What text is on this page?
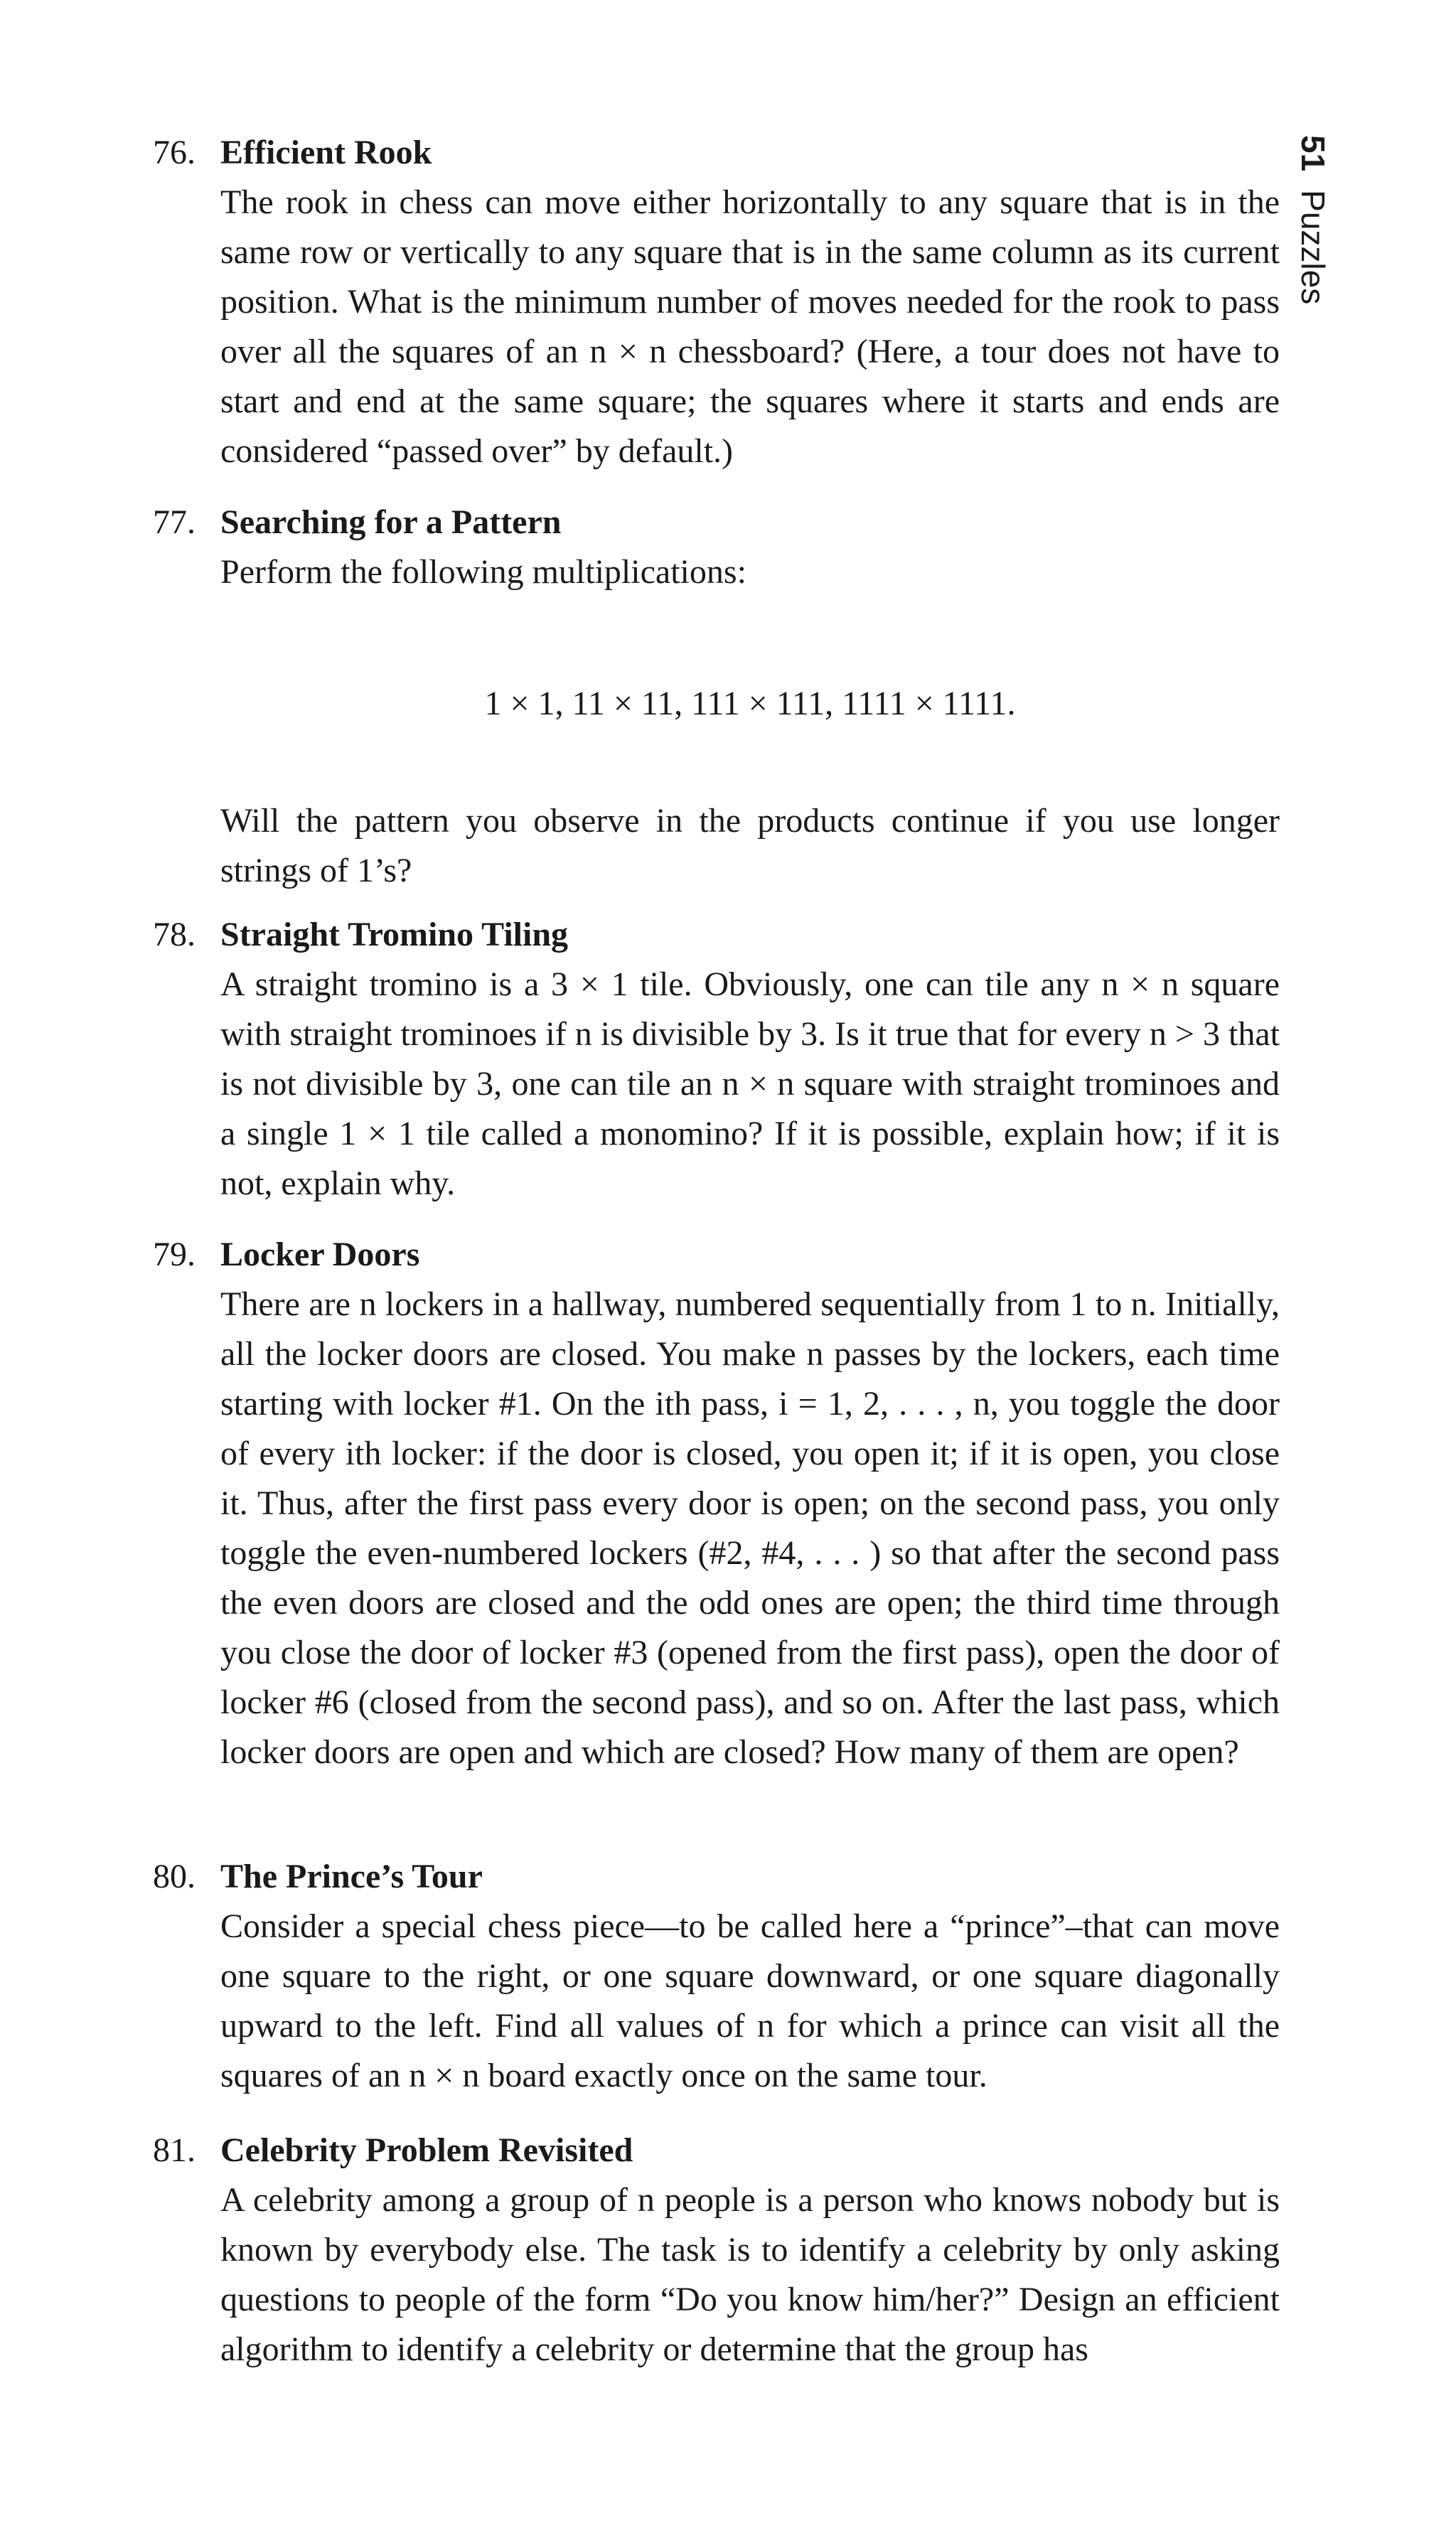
51Puzzles
76. Efficient Rook

The rook in chess can move either horizontally to any square that is in the same row or vertically to any square that is in the same column as its current position. What is the minimum number of moves needed for the rook to pass over all the squares of an n × n chessboard? (Here, a tour does not have to start and end at the same square; the squares where it starts and ends are considered “passed over” by default.)

77. Searching for a Pattern

Perform the following multiplications:

1 × 1, 11 × 11, 111 × 111, 1111 × 1111.
Will the pattern you observe in the products continue if you use longer strings of 1’s?
78. Straight Tromino Tiling

A straight tromino is a 3 × 1 tile. Obviously, one can tile any n × n square with straight trominoes if n is divisible by 3. Is it true that for every n > 3 that is not divisible by 3, one can tile an n × n square with straight trominoes and a single 1 × 1 tile called a monomino? If it is possible, explain how; if it is not, explain why.

79. Locker Doors

There are n lockers in a hallway, numbered sequentially from 1 to n. Initially, all the locker doors are closed. You make n passes by the lockers, each time starting with locker #1. On the ith pass, i = 1, 2, . . . , n, you toggle the door of every ith locker: if the door is closed, you open it; if it is open, you close it. Thus, after the first pass every door is open; on the second pass, you only toggle the even-numbered lockers (#2, #4, . . . ) so that after the second pass the even doors are closed and the odd ones are open; the third time through you close the door of locker #3 (opened from the first pass), open the door of locker #6 (closed from the second pass), and so on. After the last pass, which locker doors are open and which are closed? How many of them are open?

80. The Prince’s Tour

Consider a special chess piece—to be called here a “prince”–that can move one square to the right, or one square downward, or one square diagonally upward to the left. Find all values of n for which a prince can visit all the squares of an n × n board exactly once on the same tour.

81. Celebrity Problem Revisited

A celebrity among a group of n people is a person who knows nobody but is known by everybody else. The task is to identify a celebrity by only asking questions to people of the form “Do you know him/her?” Design an efficient algorithm to identify a celebrity or determine that the group has
